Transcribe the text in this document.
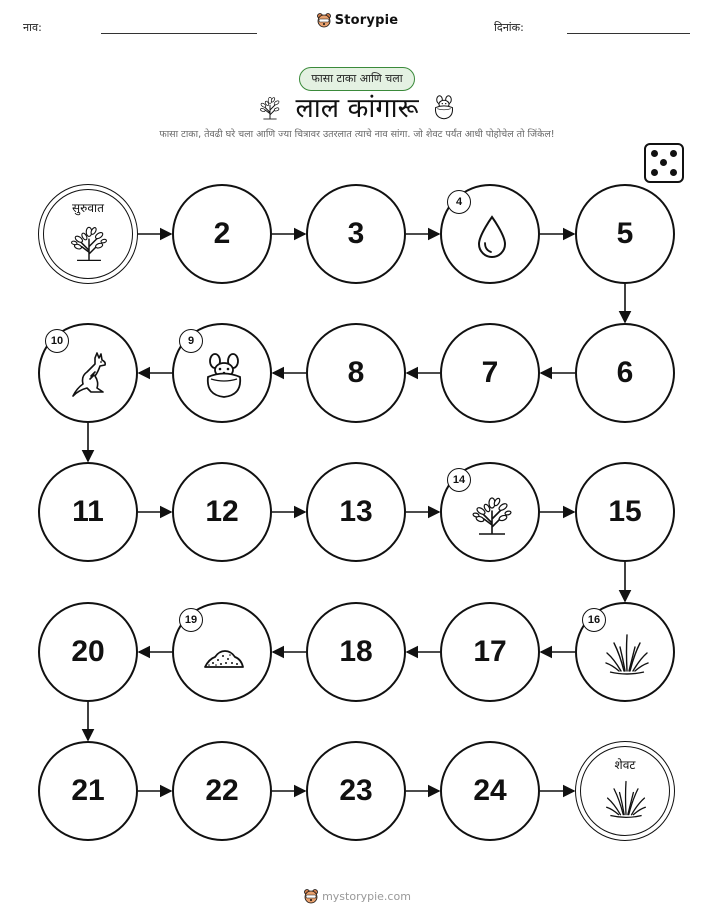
नाव:	Storypie	दिनांक:
फासा टाका आणि चला
लाल कांगारू
फासा टाका, तेवढी घरे चला आणि ज्या चित्रावर उतरलात त्याचे नाव सांगा. जो शेवट पर्यंत आधी पोहोचेल तो जिंकेल!
सुरुवात
2	3
4
5
6
7
8
9
10
11	12	13
14
15
16
17
18
19
20
21	22	23	24
शेवट
mystorypie.com
